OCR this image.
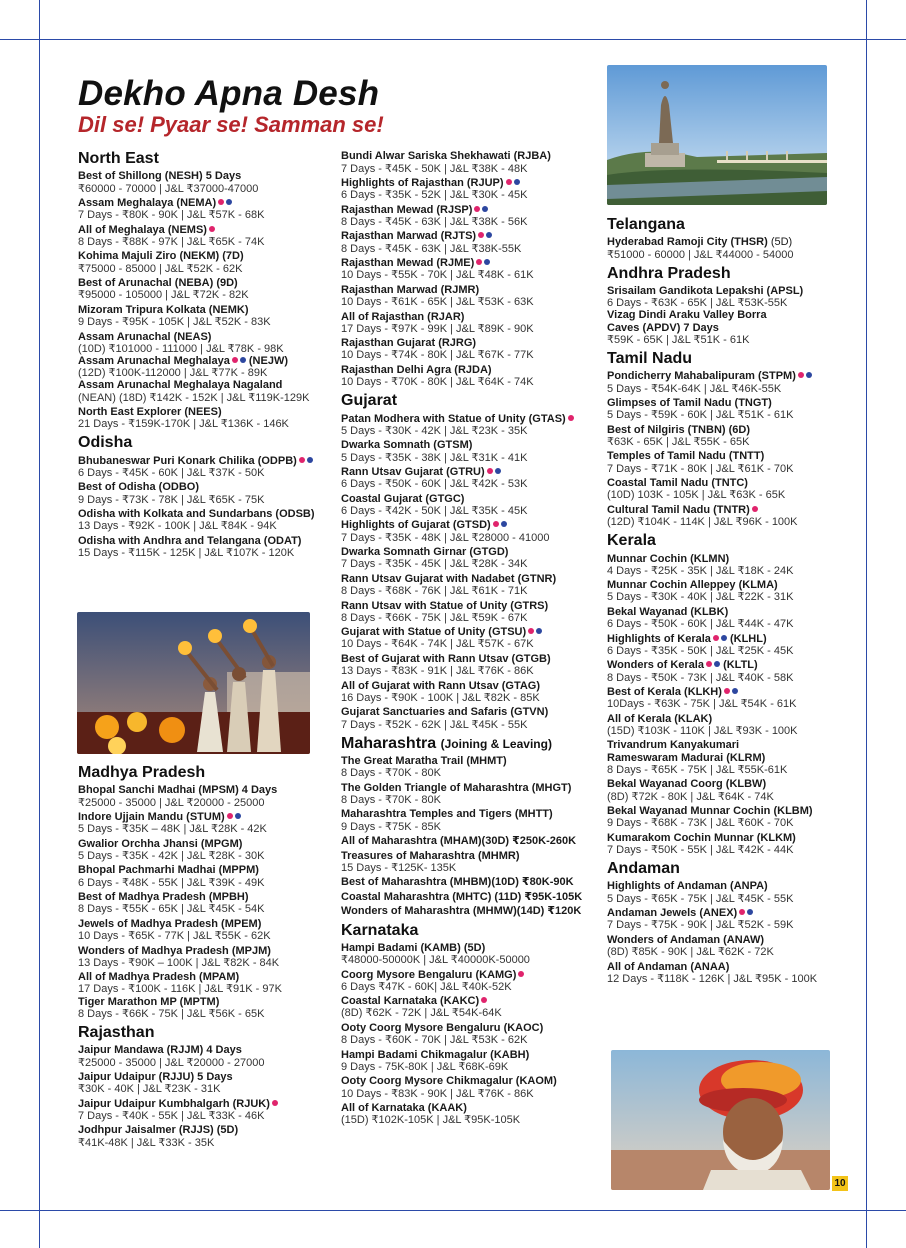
Dekho Apna Desh
Dil se! Pyaar se! Samman se!
North East
Best of Shillong (NESH) 5 Days
₹60000 - 70000 | J&L ₹37000-47000
Assam Meghalaya (NEMA)
7 Days - ₹80K - 90K | J&L ₹57K - 68K
All of Meghalaya (NEMS)
8 Days - ₹88K - 97K | J&L ₹65K - 74K
Kohima Majuli Ziro (NEKM) (7D)
₹75000 - 85000 | J&L ₹52K - 62K
Best of Arunachal (NEBA) (9D)
₹95000 - 105000 | J&L ₹72K - 82K
Mizoram Tripura Kolkata (NEMK)
9 Days - ₹95K - 105K | J&L ₹52K - 83K
Assam Arunachal (NEAS)
(10D) ₹101000 - 111000 | J&L ₹78K - 98K
Assam Arunachal Meghalaya (NEJW)
(12D) ₹100K-112000 | J&L ₹77K - 89K
Assam Arunachal Meghalaya Nagaland
(NEAN) (18D) ₹142K - 152K | J&L ₹119K-129K
North East Explorer (NEES)
21 Days - ₹159K-170K | J&L ₹136K - 146K
Odisha
Bhubaneswar Puri Konark Chilika (ODPB)
6 Days - ₹45K - 60K | J&L ₹37K - 50K
Best of Odisha (ODBO)
9 Days - ₹73K - 78K | J&L ₹65K - 75K
Odisha with Kolkata and Sundarbans (ODSB)
13 Days - ₹92K - 100K | J&L ₹84K - 94K
Odisha with Andhra and Telangana (ODAT)
15 Days - ₹115K - 125K | J&L ₹107K - 120K
Madhya Pradesh
Bhopal Sanchi Madhai (MPSM) 4 Days
₹25000 - 35000 | J&L ₹20000 - 25000
Indore Ujjain Mandu (STUM)
5 Days - ₹35K – 48K | J&L ₹28K - 42K
Gwalior Orchha Jhansi (MPGM)
5 Days - ₹35K - 42K | J&L ₹28K - 30K
Bhopal Pachmarhi Madhai (MPPM)
6 Days - ₹48K - 55K | J&L ₹39K - 49K
Best of Madhya Pradesh (MPBH)
8 Days - ₹55K - 65K | J&L ₹45K - 54K
Jewels of Madhya Pradesh (MPEM)
10 Days - ₹65K - 77K | J&L ₹55K - 62K
Wonders of Madhya Pradesh (MPJM)
13 Days - ₹90K – 100K | J&L ₹82K - 84K
All of Madhya Pradesh (MPAM)
17 Days - ₹100K - 116K | J&L ₹91K - 97K
Tiger Marathon MP (MPTM)
8 Days - ₹66K - 75K | J&L ₹56K - 65K
Rajasthan
Jaipur Mandawa (RJJM) 4 Days
₹25000 - 35000 | J&L ₹20000 - 27000
Jaipur Udaipur (RJJU) 5 Days
₹30K - 40K | J&L ₹23K - 31K
Jaipur Udaipur Kumbhalgarh (RJUK)
7 Days - ₹40K - 55K | J&L ₹33K - 46K
Jodhpur Jaisalmer (RJJS) (5D)
₹41K-48K | J&L ₹33K - 35K
Bundi Alwar Sariska Shekhawati (RJBA)
7 Days - ₹45K - 50K | J&L ₹38K - 48K
Highlights of Rajasthan (RJUP)
6 Days - ₹35K - 52K | J&L ₹30K - 45K
Rajasthan Mewad (RJSP)
8 Days - ₹45K - 63K | J&L ₹38K - 56K
Rajasthan Marwad (RJTS)
8 Days - ₹45K - 63K | J&L ₹38K-55K
Rajasthan Mewad (RJME)
10 Days - ₹55K - 70K | J&L ₹48K - 61K
Rajasthan Marwad (RJMR)
10 Days - ₹61K - 65K | J&L ₹53K - 63K
All of Rajasthan (RJAR)
17 Days - ₹97K - 99K | J&L ₹89K - 90K
Rajasthan Gujarat (RJRG)
10 Days - ₹74K - 80K | J&L ₹67K - 77K
Rajasthan Delhi Agra (RJDA)
10 Days - ₹70K - 80K | J&L ₹64K - 74K
Gujarat
Patan Modhera with Statue of Unity (GTAS)
5 Days - ₹30K - 42K | J&L ₹23K - 35K
Dwarka Somnath (GTSM)
5 Days - ₹35K - 38K | J&L ₹31K - 41K
Rann Utsav Gujarat (GTRU)
6 Days - ₹50K - 60K | J&L ₹42K - 53K
Coastal Gujarat (GTGC)
6 Days - ₹42K - 50K | J&L ₹35K - 45K
Highlights of Gujarat (GTSD)
7 Days - ₹35K - 48K | J&L ₹28000 - 41000
Dwarka Somnath Girnar (GTGD)
7 Days - ₹35K - 45K | J&L ₹28K - 34K
Rann Utsav Gujarat with Nadabet (GTNR)
8 Days - ₹68K - 76K | J&L ₹61K - 71K
Rann Utsav with Statue of Unity (GTRS)
8 Days - ₹66K - 75K | J&L ₹59K - 67K
Gujarat with Statue of Unity (GTSU)
10 Days - ₹64K - 74K | J&L ₹57K - 67K
Best of Gujarat with Rann Utsav (GTGB)
13 Days - ₹83K - 91K | J&L ₹76K - 86K
All of Gujarat with Rann Utsav (GTAG)
16 Days - ₹90K - 100K | J&L ₹82K - 85K
Gujarat Sanctuaries and Safaris (GTVN)
7 Days - ₹52K - 62K | J&L ₹45K - 55K
Maharashtra (Joining & Leaving)
The Great Maratha Trail (MHMT)
8 Days - ₹70K - 80K
The Golden Triangle of Maharashtra (MHGT)
8 Days - ₹70K - 80K
Maharashtra Temples and Tigers (MHTT)
9 Days - ₹75K - 85K
All of Maharashtra (MHAM)(30D) ₹250K-260K
Treasures of Maharashtra (MHMR)
15 Days - ₹125K- 135K
Best of Maharashtra (MHBM)(10D) ₹80K-90K
Coastal Maharashtra (MHTC) (11D) ₹95K-105K
Wonders of Maharashtra (MHMW)(14D) ₹120K
Karnataka
Hampi Badami (KAMB) (5D)
₹48000-50000K | J&L ₹40000K-50000
Coorg Mysore Bengaluru (KAMG)
6 Days ₹47K - 60K| J&L ₹40K-52K
Coastal Karnataka (KAKC)
(8D) ₹62K - 72K | J&L ₹54K-64K
Ooty Coorg Mysore Bengaluru (KAOC)
8 Days - ₹60K - 70K | J&L ₹53K - 62K
Hampi Badami Chikmagalur (KABH)
9 Days - 75K-80K | J&L ₹68K-69K
Ooty Coorg Mysore Chikmagalur (KAOM)
10 Days - ₹83K - 90K | J&L ₹76K - 86K
All of Karnataka (KAAK)
(15D) ₹102K-105K | J&L ₹95K-105K
Telangana
Hyderabad Ramoji City (THSR) (5D)
₹51000 - 60000 | J&L ₹44000 - 54000
Andhra Pradesh
Srisailam Gandikota Lepakshi (APSL)
6 Days - ₹63K - 65K | J&L ₹53K-55K
Vizag Dindi Araku Valley Borra
Caves (APDV) 7 Days
₹59K - 65K | J&L ₹51K - 61K
Tamil Nadu
Pondicherry Mahabalipuram (STPM)
5 Days - ₹54K-64K | J&L ₹46K-55K
Glimpses of Tamil Nadu (TNGT)
5 Days - ₹59K - 60K | J&L ₹51K - 61K
Best of Nilgiris (TNBN) (6D)
₹63K - 65K | J&L ₹55K - 65K
Temples of Tamil Nadu (TNTT)
7 Days - ₹71K - 80K | J&L ₹61K - 70K
Coastal Tamil Nadu (TNTC)
(10D) 103K - 105K | J&L ₹63K - 65K
Cultural Tamil Nadu (TNTR)
(12D) ₹104K - 114K | J&L ₹96K - 100K
Kerala
Munnar Cochin (KLMN)
4 Days - ₹25K - 35K | J&L ₹18K - 24K
Munnar Cochin Alleppey (KLMA)
5 Days - ₹30K - 40K | J&L ₹22K - 31K
Bekal Wayanad (KLBK)
6 Days - ₹50K - 60K | J&L ₹44K - 47K
Highlights of Kerala (KLHL)
6 Days - ₹35K - 50K | J&L ₹25K - 45K
Wonders of Kerala (KLTL)
8 Days - ₹50K - 73K | J&L ₹40K - 58K
Best of Kerala (KLKH)
10Days - ₹63K - 75K | J&L ₹54K - 61K
All of Kerala (KLAK)
(15D) ₹103K - 110K | J&L ₹93K - 100K
Trivandrum Kanyakumari
Rameswaram Madurai (KLRM)
8 Days - ₹65K - 75K | J&L ₹55K-61K
Bekal Wayanad Coorg (KLBW)
(8D) ₹72K - 80K | J&L ₹64K - 74K
Bekal Wayanad Munnar Cochin (KLBM)
9 Days - ₹68K - 73K | J&L ₹60K - 70K
Kumarakom Cochin Munnar (KLKM)
7 Days - ₹50K - 55K | J&L ₹42K - 44K
Andaman
Highlights of Andaman (ANPA)
5 Days - ₹65K - 75K | J&L ₹45K - 55K
Andaman Jewels (ANEX)
7 Days - ₹75K - 90K | J&L ₹52K - 59K
Wonders of Andaman (ANAW)
(8D) ₹85K - 90K | J&L ₹62K - 72K
All of Andaman (ANAA)
12 Days - ₹118K - 126K | J&L ₹95K - 100K
10
